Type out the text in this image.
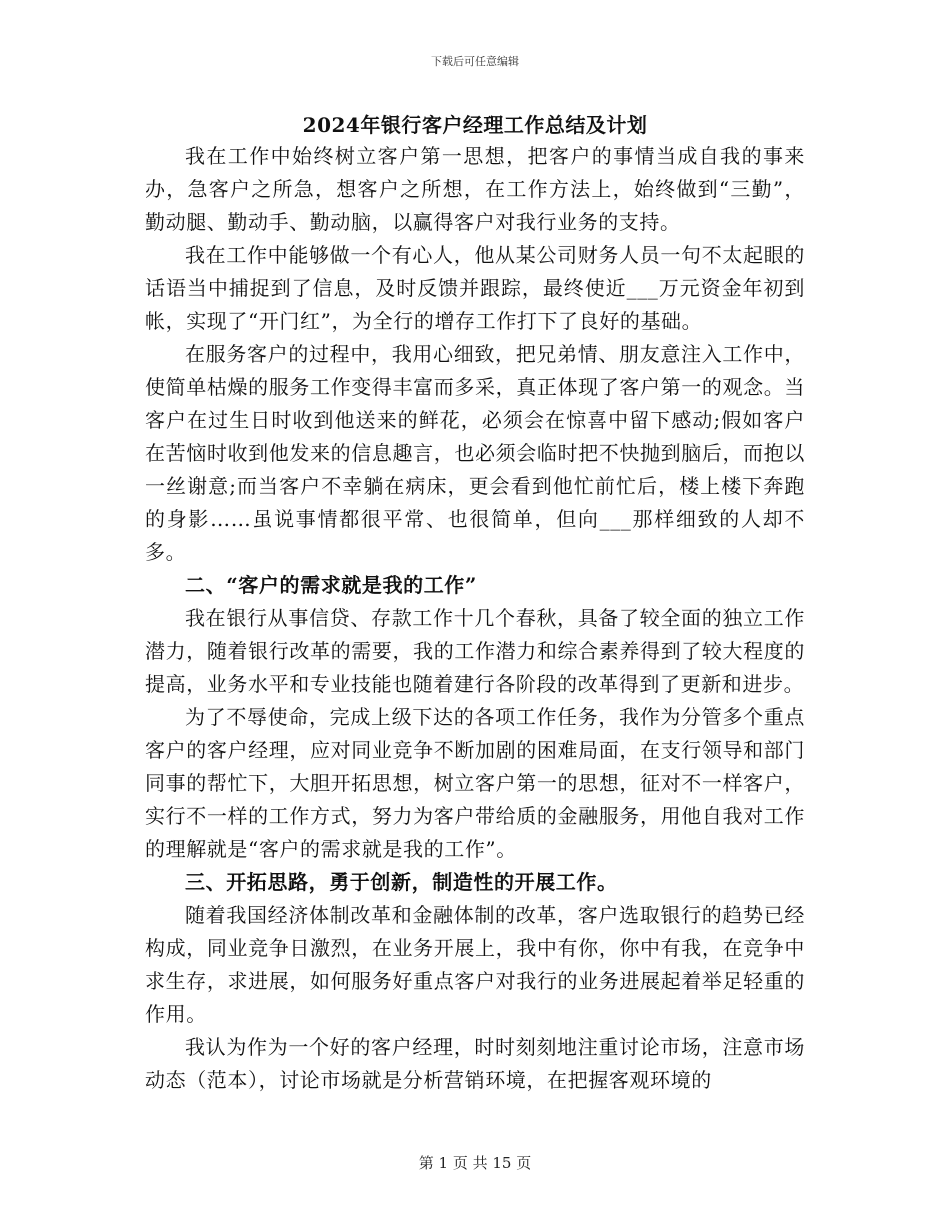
下载后可任意编辑
2024年银行客户经理工作总结及计划

我在工作中始终树立客户第一思想，把客户的事情当成自我的事来办，急客户之所急，想客户之所想，在工作方法上，始终做到“三勤”，勤动腿、勤动手、勤动脑，以赢得客户对我行业务的支持。

我在工作中能够做一个有心人，他从某公司财务人员一句不太起眼的话语当中捕捉到了信息，及时反馈并跟踪，最终使近___万元资金年初到帐，实现了“开门红”，为全行的增存工作打下了良好的基础。

在服务客户的过程中，我用心细致，把兄弟情、朋友意注入工作中，使简单枯燥的服务工作变得丰富而多采，真正体现了客户第一的观念。当客户在过生日时收到他送来的鲜花，必须会在惊喜中留下感动;假如客户在苦恼时收到他发来的信息趣言，也必须会临时把不快抛到脑后，而抱以一丝谢意;而当客户不幸躺在病床，更会看到他忙前忙后，楼上楼下奔跑的身影……虽说事情都很平常、也很简单，但向___那样细致的人却不多。

二、“客户的需求就是我的工作”

我在银行从事信贷、存款工作十几个春秋，具备了较全面的独立工作潜力，随着银行改革的需要，我的工作潜力和综合素养得到了较大程度的提高，业务水平和专业技能也随着建行各阶段的改革得到了更新和进步。

为了不辱使命，完成上级下达的各项工作任务，我作为分管多个重点客户的客户经理，应对同业竞争不断加剧的困难局面，在支行领导和部门同事的帮忙下，大胆开拓思想，树立客户第一的思想，征对不一样客户，实行不一样的工作方式，努力为客户带给质的金融服务，用他自我对工作的理解就是“客户的需求就是我的工作”。

三、开拓思路，勇于创新，制造性的开展工作。

随着我国经济体制改革和金融体制的改革，客户选取银行的趋势已经构成，同业竞争日激烈，在业务开展上，我中有你，你中有我，在竞争中求生存，求进展，如何服务好重点客户对我行的业务进展起着举足轻重的作用。

我认为作为一个好的客户经理，时时刻刻地注重讨论市场，注意市场动态（范本），讨论市场就是分析营销环境，在把握客观环境的

第 1 页 共 15 页
